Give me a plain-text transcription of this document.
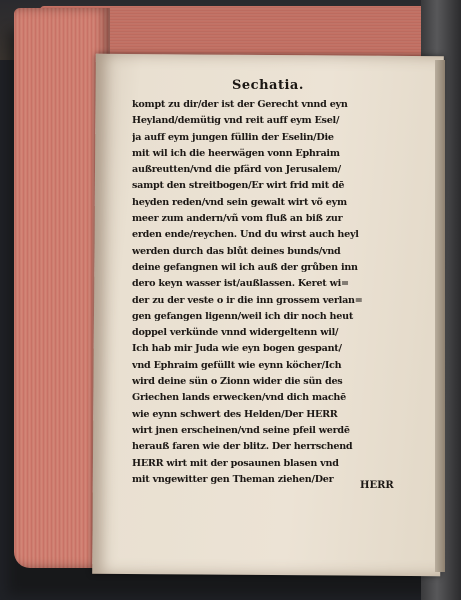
Sechatia.
kompt zu dir/der ist der Gerecht vnnd eyn
Heyland/demütig vnd reit auff eym Esel/
ja auff eym jungen füllin der Eselin/Die
mit wil ich die heerwägen vonn Ephraim
außreutten/vnd die pfärd von Jerusalem/
sampt den streitbogen/Er wirt frid mit dē
heyden reden/vnd sein gewalt wirt võ eym
meer zum andern/vñ vom fluß an biß zur
erden ende/reychen. Und du wirst auch heyl
werden durch das blůt deines bunds/vnd
deine gefangnen wil ich auß der grůben inn
dero keyn wasser ist/außlassen. Keret wi=
der zu der veste o ir die inn grossem verlan=
gen gefangen ligenn/weil ich dir noch heut
doppel verkünde vnnd widergeltenn wil/
Ich hab mir Juda wie eyn bogen gespant/
vnd Ephraim gefüllt wie eynn köcher/Ich
wird deine sün o Zionn wider die sün des
Griechen lands erwecken/vnd dich machē
wie eynn schwert des Helden/Der HERR
wirt jnen erscheinen/vnd seine pfeil werdē
herauß faren wie der blitz. Der herrschend
HERR wirt mit der posaunen blasen vnd
mit vngewitter gen Theman ziehen/Der
HERR
